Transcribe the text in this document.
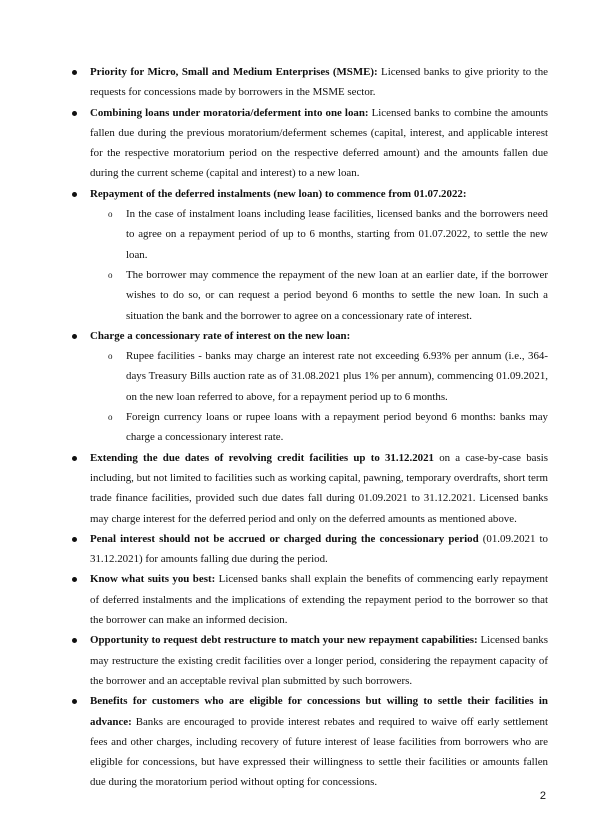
Priority for Micro, Small and Medium Enterprises (MSME): Licensed banks to give priority to the requests for concessions made by borrowers in the MSME sector.
Combining loans under moratoria/deferment into one loan: Licensed banks to combine the amounts fallen due during the previous moratorium/deferment schemes (capital, interest, and applicable interest for the respective moratorium period on the respective deferred amount) and the amounts fallen due during the current scheme (capital and interest) to a new loan.
Repayment of the deferred instalments (new loan) to commence from 01.07.2022:
o In the case of instalment loans including lease facilities, licensed banks and the borrowers need to agree on a repayment period of up to 6 months, starting from 01.07.2022, to settle the new loan.
o The borrower may commence the repayment of the new loan at an earlier date, if the borrower wishes to do so, or can request a period beyond 6 months to settle the new loan. In such a situation the bank and the borrower to agree on a concessionary rate of interest.
Charge a concessionary rate of interest on the new loan:
o Rupee facilities - banks may charge an interest rate not exceeding 6.93% per annum (i.e., 364-days Treasury Bills auction rate as of 31.08.2021 plus 1% per annum), commencing 01.09.2021, on the new loan referred to above, for a repayment period up to 6 months.
o Foreign currency loans or rupee loans with a repayment period beyond 6 months: banks may charge a concessionary interest rate.
Extending the due dates of revolving credit facilities up to 31.12.2021 on a case-by-case basis including, but not limited to facilities such as working capital, pawning, temporary overdrafts, short term trade finance facilities, provided such due dates fall during 01.09.2021 to 31.12.2021. Licensed banks may charge interest for the deferred period and only on the deferred amounts as mentioned above.
Penal interest should not be accrued or charged during the concessionary period (01.09.2021 to 31.12.2021) for amounts falling due during the period.
Know what suits you best: Licensed banks shall explain the benefits of commencing early repayment of deferred instalments and the implications of extending the repayment period to the borrower so that the borrower can make an informed decision.
Opportunity to request debt restructure to match your new repayment capabilities: Licensed banks may restructure the existing credit facilities over a longer period, considering the repayment capacity of the borrower and an acceptable revival plan submitted by such borrowers.
Benefits for customers who are eligible for concessions but willing to settle their facilities in advance: Banks are encouraged to provide interest rebates and required to waive off early settlement fees and other charges, including recovery of future interest of lease facilities from borrowers who are eligible for concessions, but have expressed their willingness to settle their facilities or amounts fallen due during the moratorium period without opting for concessions.
2
